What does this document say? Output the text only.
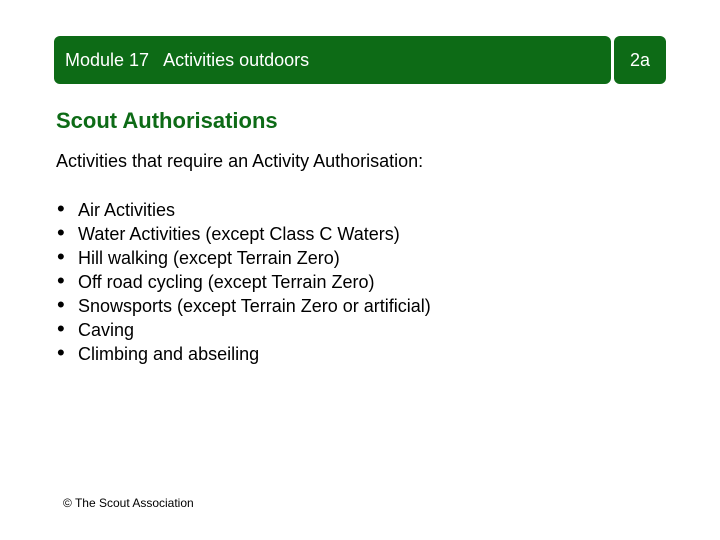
Module 17   Activities outdoors	2a
Scout Authorisations

Activities that require an Activity Authorisation:

• Air Activities
• Water Activities (except Class C Waters)
• Hill walking (except Terrain Zero)
• Off road cycling (except Terrain Zero)
• Snowsports (except Terrain Zero or artificial)
• Caving
• Climbing and abseiling

© The Scout Association
